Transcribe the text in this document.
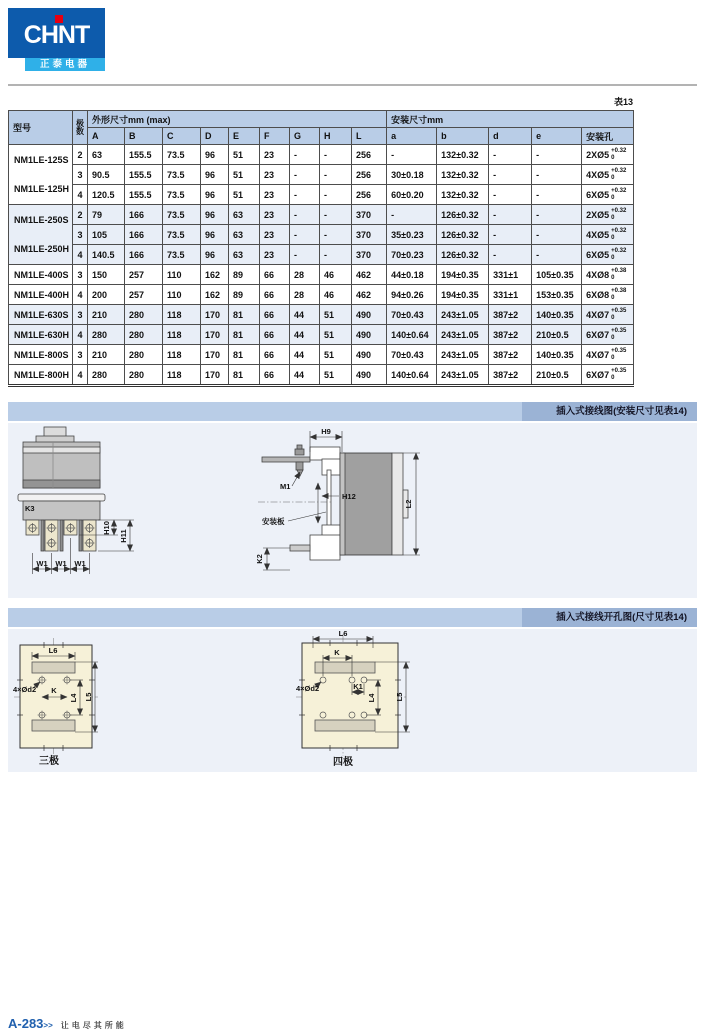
CHNT
正泰电器
表13
型号	极
数	外形尺寸mm (max)									安装尺寸mm				
		A	B	C	D	E	F	G	H	L	a	b	d	e	安装孔

NM1LE-125S
NM1LE-125H
	2	63	155.5	73.5	96	51	23	-	-	256	-	132±0.32	-	-	2XØ5 +0.32
0

	3	90.5	155.5	73.5	96	51	23	-	-	256	30±0.18	132±0.32	-	-	4XØ5 +0.32
0

	4	120.5	155.5	73.5	96	51	23	-	-	256	60±0.20	132±0.32	-	-	6XØ5 +0.32
0

NM1LE-250S
NM1LE-250H
	2	79	166	73.5	96	63	23	-	-	370	-	126±0.32	-	-	2XØ5 +0.32
0

	3	105	166	73.5	96	63	23	-	-	370	35±0.23	126±0.32	-	-	4XØ5 +0.32
0

	4	140.5	166	73.5	96	63	23	-	-	370	70±0.23	126±0.32	-	-	6XØ5 +0.32
0

NM1LE-400S	3	150	257	110	162	89	66	28	46	462	44±0.18	194±0.35	331±1	105±0.35	4XØ8 +0.38
0

NM1LE-400H	4	200	257	110	162	89	66	28	46	462	94±0.26	194±0.35	331±1	153±0.35	6XØ8 +0.38
0

NM1LE-630S	3	210	280	118	170	81	66	44	51	490	70±0.43	243±1.05	387±2	140±0.35	4XØ7 +0.35
0

NM1LE-630H	4	280	280	118	170	81	66	44	51	490	140±0.64	243±1.05	387±2	210±0.5	6XØ7 +0.35
0

NM1LE-800S	3	210	280	118	170	81	66	44	51	490	70±0.43	243±1.05	387±2	140±0.35	4XØ7 +0.35
0

NM1LE-800H	4	280	280	118	170	81	66	44	51	490	140±0.64	243±1.05	387±2	210±0.5	6XØ7 +0.35
0
插入式接线图(安装尺寸见表14)
K3
H10
H11
W1 W1 W1
H9
M1
H12
安装板
K2
L2
插入式接线开孔图(尺寸见表14)
L6
K
L4 L5
4×Ød2
三极
L6
K
K1
L4	L5
4×Ød2
四极
A-283>> 让电尽其所能
